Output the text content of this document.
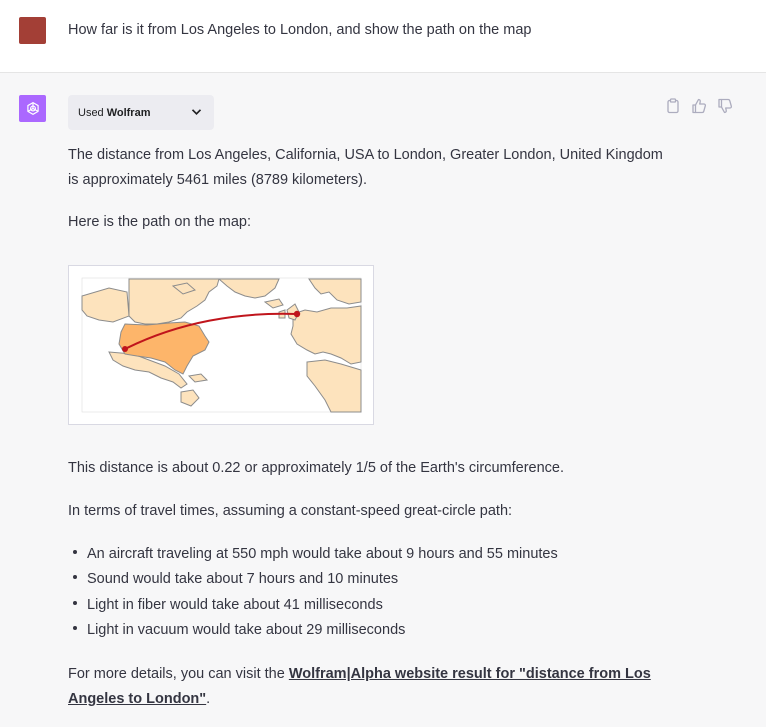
How far is it from Los Angeles to London, and show the path on the map
Used Wolfram
The distance from Los Angeles, California, USA to London, Greater London, United Kingdom
is approximately 5461 miles (8789 kilometers).
Here is the path on the map:
This distance is about 0.22 or approximately 1/5 of the Earth's circumference.
In terms of travel times, assuming a constant-speed great-circle path:
An aircraft traveling at 550 mph would take about 9 hours and 55 minutes
Sound would take about 7 hours and 10 minutes
Light in fiber would take about 41 milliseconds
Light in vacuum would take about 29 milliseconds
For more details, you can visit the Wolfram|Alpha website result for "distance from Los
Angeles to London".
